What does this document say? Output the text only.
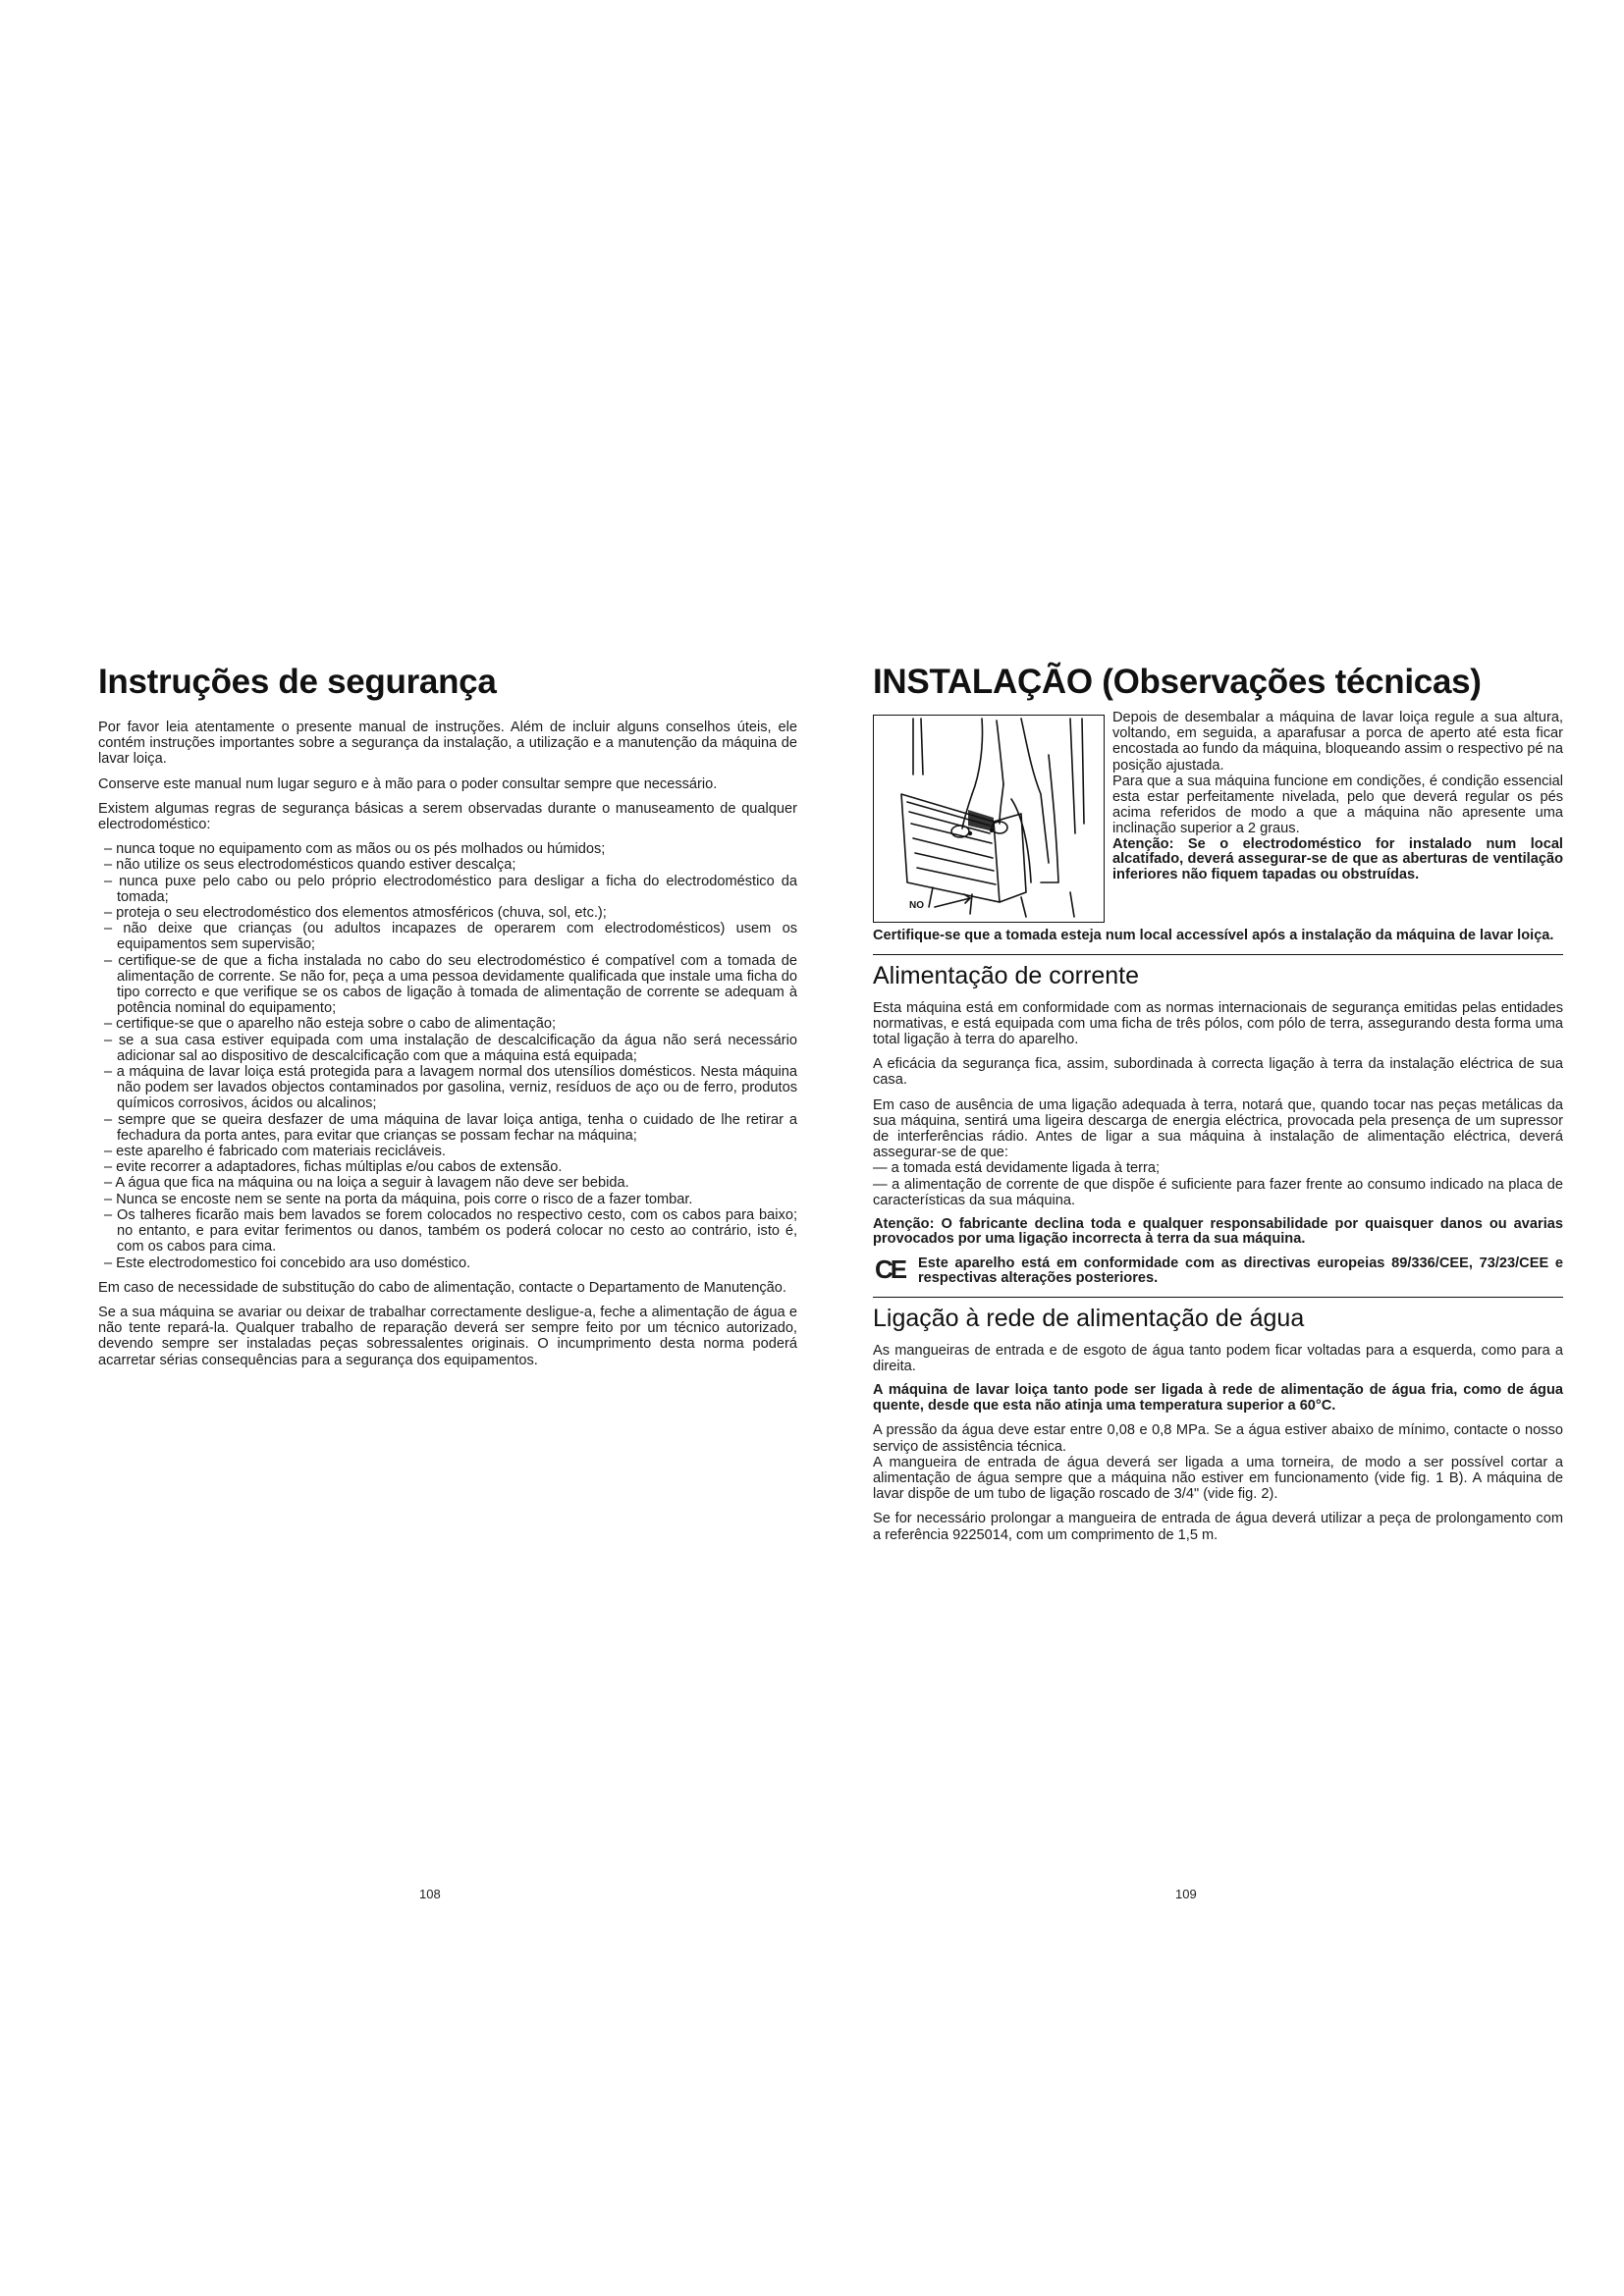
Instruções de segurança

Por favor leia atentamente o presente manual de instruções. Além de incluir alguns conselhos úteis, ele contém instruções importantes sobre a segurança da instalação, a utilização e a manutenção da máquina de lavar loiça.

Conserve este manual num lugar seguro e à mão para o poder consultar sempre que necessário.

Existem algumas regras de segurança básicas a serem observadas durante o manuseamento de qualquer electrodoméstico:

– nunca toque no equipamento com as mãos ou os pés molhados ou húmidos;
– não utilize os seus electrodomésticos quando estiver descalça;
– nunca puxe pelo cabo ou pelo próprio electrodoméstico para desligar a ficha do electrodoméstico da tomada;
– proteja o seu electrodoméstico dos elementos atmosféricos (chuva, sol, etc.);
– não deixe que crianças (ou adultos incapazes de operarem com electrodomésticos) usem os equipamentos sem supervisão;
– certifique-se de que a ficha instalada no cabo do seu electrodoméstico é compatível com a tomada de alimentação de corrente. Se não for, peça a uma pessoa devidamente qualificada que instale uma ficha do tipo correcto e que verifique se os cabos de ligação à tomada de alimentação de corrente se adequam à potência nominal do equipamento;
– certifique-se que o aparelho não esteja sobre o cabo de alimentação;
– se a sua casa estiver equipada com uma instalação de descalcificação da água não será necessário adicionar sal ao dispositivo de descalcificação com que a máquina está equipada;
– a máquina de lavar loiça está protegida para a lavagem normal dos utensílios domésticos. Nesta máquina não podem ser lavados objectos contaminados por gasolina, verniz, resíduos de aço ou de ferro, produtos químicos corrosivos, ácidos ou alcalinos;
– sempre que se queira desfazer de uma máquina de lavar loiça antiga, tenha o cuidado de lhe retirar a fechadura da porta antes, para evitar que crianças se possam fechar na máquina;
– este aparelho é fabricado com materiais recicláveis.
– evite recorrer a adaptadores, fichas múltiplas e/ou cabos de extensão.
– A água que fica na máquina ou na loiça a seguir à lavagem não deve ser bebida.
– Nunca se encoste nem se sente na porta da máquina, pois corre o risco de a fazer tombar.
– Os talheres ficarão mais bem lavados se forem colocados no respectivo cesto, com os cabos para baixo; no entanto, e para evitar ferimentos ou danos, também os poderá colocar no cesto ao contrário, isto é, com os cabos para cima.
– Este electrodomestico foi concebido ara uso doméstico.

Em caso de necessidade de substitução do cabo de alimentação, contacte o Departamento de Manutenção.

Se a sua máquina se avariar ou deixar de trabalhar correctamente desligue-a, feche a alimentação de água e não tente repará-la. Qualquer trabalho de reparação deverá ser sempre feito por um técnico autorizado, devendo sempre ser instaladas peças sobressalentes originais. O incumprimento desta norma poderá acarretar sérias consequências para a segurança dos equipamentos.

108
INSTALAÇÃO (Observações técnicas)
NO

Depois de desembalar a máquina de lavar loiça regule a sua altura, voltando, em seguida, a aparafusar a porca de aperto até esta ficar encostada ao fundo da máquina, bloqueando assim o respectivo pé na posição ajustada.

Para que a sua máquina funcione em condições, é condição essencial esta estar perfeitamente nivelada, pelo que deverá regular os pés acima referidos de modo a que a máquina não apresente uma inclinação superior a 2 graus.

Atenção: Se o electrodoméstico for instalado num local alcatifado, deverá assegurar-se de que as aberturas de ventilação inferiores não fiquem tapadas ou obstruídas.

Certifique-se que a tomada esteja num local accessível após a instalação da máquina de lavar loiça.

Alimentação de corrente

Esta máquina está em conformidade com as normas internacionais de segurança emitidas pelas entidades normativas, e está equipada com uma ficha de três pólos, com pólo de terra, assegurando desta forma uma total ligação à terra do aparelho.

A eficácia da segurança fica, assim, subordinada à correcta ligação à terra da instalação eléctrica de sua casa.

Em caso de ausência de uma ligação adequada à terra, notará que, quando tocar nas peças metálicas da sua máquina, sentirá uma ligeira descarga de energia eléctrica, provocada pela presença de um supressor de interferências rádio. Antes de ligar a sua máquina à instalação de alimentação eléctrica, deverá assegurar-se de que:

— a tomada está devidamente ligada à terra;

— a alimentação de corrente de que dispõe é suficiente para fazer frente ao consumo indicado na placa de características da sua máquina.

Atenção: O fabricante declina toda e qualquer responsabilidade por quaisquer danos ou avarias provocados por uma ligação incorrecta à terra da sua máquina.

CE Este aparelho está em conformidade com as directivas europeias 89/336/CEE, 73/23/CEE e respectivas alterações posteriores.

Ligação à rede de alimentação de água

As mangueiras de entrada e de esgoto de água tanto podem ficar voltadas para a esquerda, como para a direita.

A máquina de lavar loiça tanto pode ser ligada à rede de alimentação de água fria, como de água quente, desde que esta não atinja uma temperatura superior a 60°C.

A pressão da água deve estar entre 0,08 e 0,8 MPa. Se a água estiver abaixo de mínimo, contacte o nosso serviço de assistência técnica.

A mangueira de entrada de água deverá ser ligada a uma torneira, de modo a ser possível cortar a alimentação de água sempre que a máquina não estiver em funcionamento (vide fig. 1 B). A máquina de lavar dispõe de um tubo de ligação roscado de 3/4" (vide fig. 2).

Se for necessário prolongar a mangueira de entrada de água deverá utilizar a peça de prolongamento com a referência 9225014, com um comprimento de 1,5 m.

109
